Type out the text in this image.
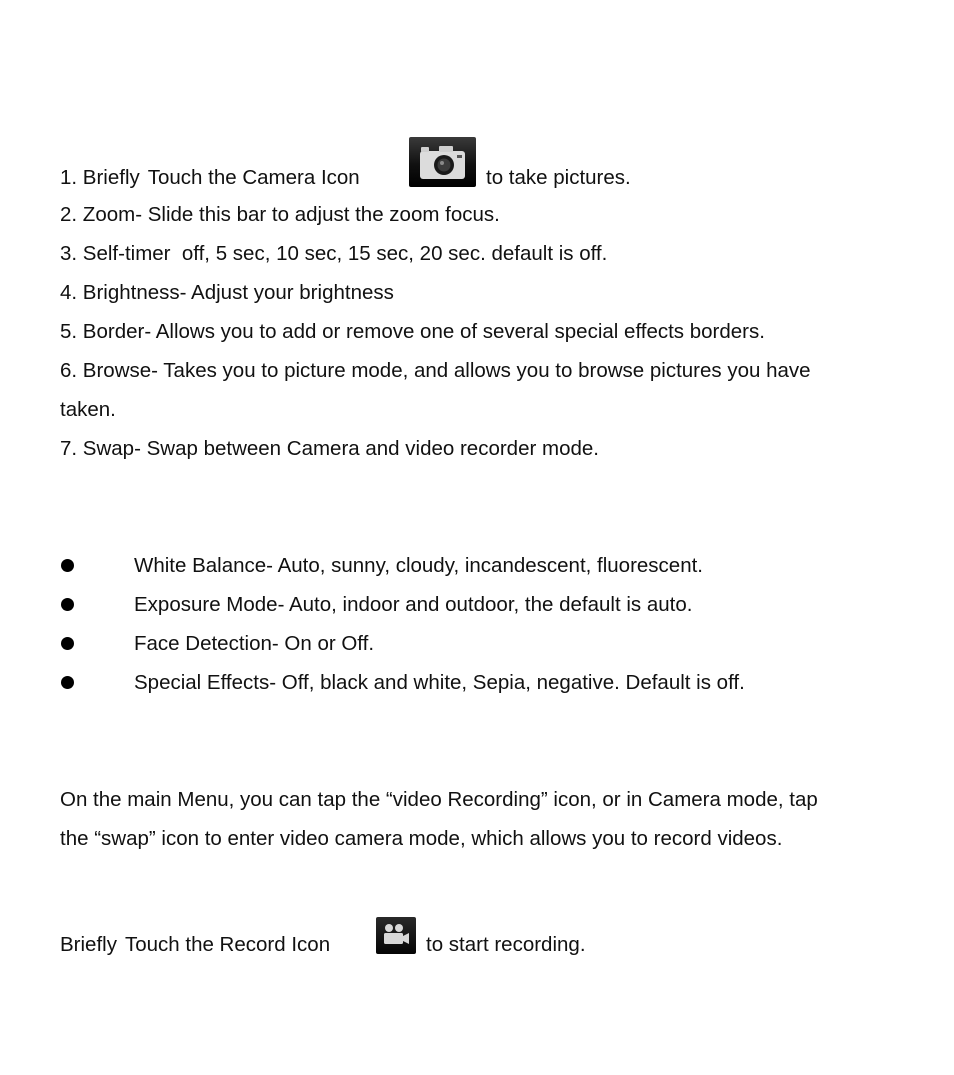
1. Briefly Touch the Camera Icon	to take pictures.
2. Zoom- Slide this bar to adjust the zoom focus.
3. Self-timer  off, 5 sec, 10 sec, 15 sec, 20 sec. default is off.
4. Brightness- Adjust your brightness
5. Border- Allows you to add or remove one of several special effects borders.
6. Browse- Takes you to picture mode, and allows you to browse pictures you have
taken.
7. Swap- Swap between Camera and video recorder mode.
White Balance- Auto, sunny, cloudy, incandescent, fluorescent.
Exposure Mode- Auto, indoor and outdoor, the default is auto.
Face Detection- On or Off.
Special Effects- Off, black and white, Sepia, negative. Default is off.
On the main Menu, you can tap the “video Recording” icon, or in Camera mode, tap
the “swap” icon to enter video camera mode, which allows you to record videos.
Briefly Touch the Record Icon	to start recording.
